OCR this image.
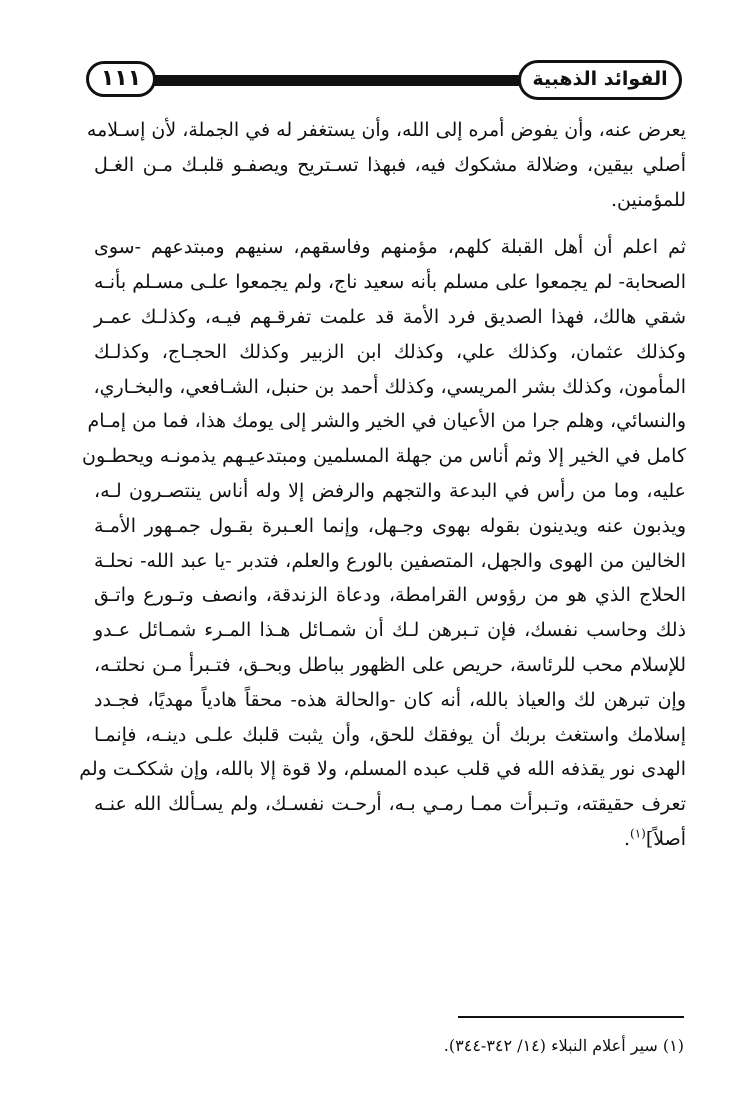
١١١	الفوائد الذهبية
يعرض عنه، وأن يفوض أمره إلى الله، وأن يستغفر له في الجملة، لأن إسـلامه
أصلي بيقين، وضلالة مشكوك فيه، فبهذا تسـتريح ويصفـو قلبـك مـن الغـل
للمؤمنين.
ثم اعلم أن أهل القبلة كلهم، مؤمنهم وفاسقهم، سنيهم ومبتدعهم -سوى
الصحابة- لم يجمعوا على مسلم بأنه سعيد ناج، ولم يجمعوا علـى مسـلم بأنـه
شقي هالك، فهذا الصديق فرد الأمة قد علمت تفرقـهم فيـه، وكذلـك عمـر
وكذلك عثمان، وكذلك علي، وكذلك ابن الزبير وكذلك الحجـاج، وكذلـك
المأمون، وكذلك بشر المريسي، وكذلك أحمد بن حنبل، الشـافعي، والبخـاري،
والنسائي، وهلم جرا من الأعيان في الخير والشر إلى يومك هذا، فما من إمـام
كامل في الخير إلا وثم أناس من جهلة المسلمين ومبتدعيـهم يذمونـه ويحطـون
عليه، وما من رأس في البدعة والتجهم والرفض إلا وله أناس ينتصـرون لـه،
ويذبون عنه ويدينون بقوله بهوى وجـهل، وإنما العـبرة بقـول جمـهور الأمـة
الخالين من الهوى والجهل، المتصفين بالورع والعلم، فتدبر -يا عبد الله- نحلـة
الحلاج الذي هو من رؤوس القرامطة، ودعاة الزندقة، وانصف وتـورع واتـق
ذلك وحاسب نفسك، فإن تـبرهن لـك أن شمـائل هـذا المـرء شمـائل عـدو
للإسلام محب للرئاسة، حريص على الظهور بباطل وبحـق، فتـبرأ مـن نحلتـه،
وإن تبرهن لك والعياذ بالله، أنه كان -والحالة هذه- محقاً هادياً مهديًا، فجـدد
إسلامك واستغث بربك أن يوفقك للحق، وأن يثبت قلبك علـى دينـه، فإنمـا
الهدى نور يقذفه الله في قلب عبده المسلم، ولا قوة إلا بالله، وإن شككـت ولم
تعرف حقيقته، وتـبرأت ممـا رمـي بـه، أرحـت نفسـك، ولم يسـألك الله عنـه
أصلاً]$^{(١)}$.
(١) سير أعلام النبلاء (١٤/ ٣٤٢-٣٤٤).
